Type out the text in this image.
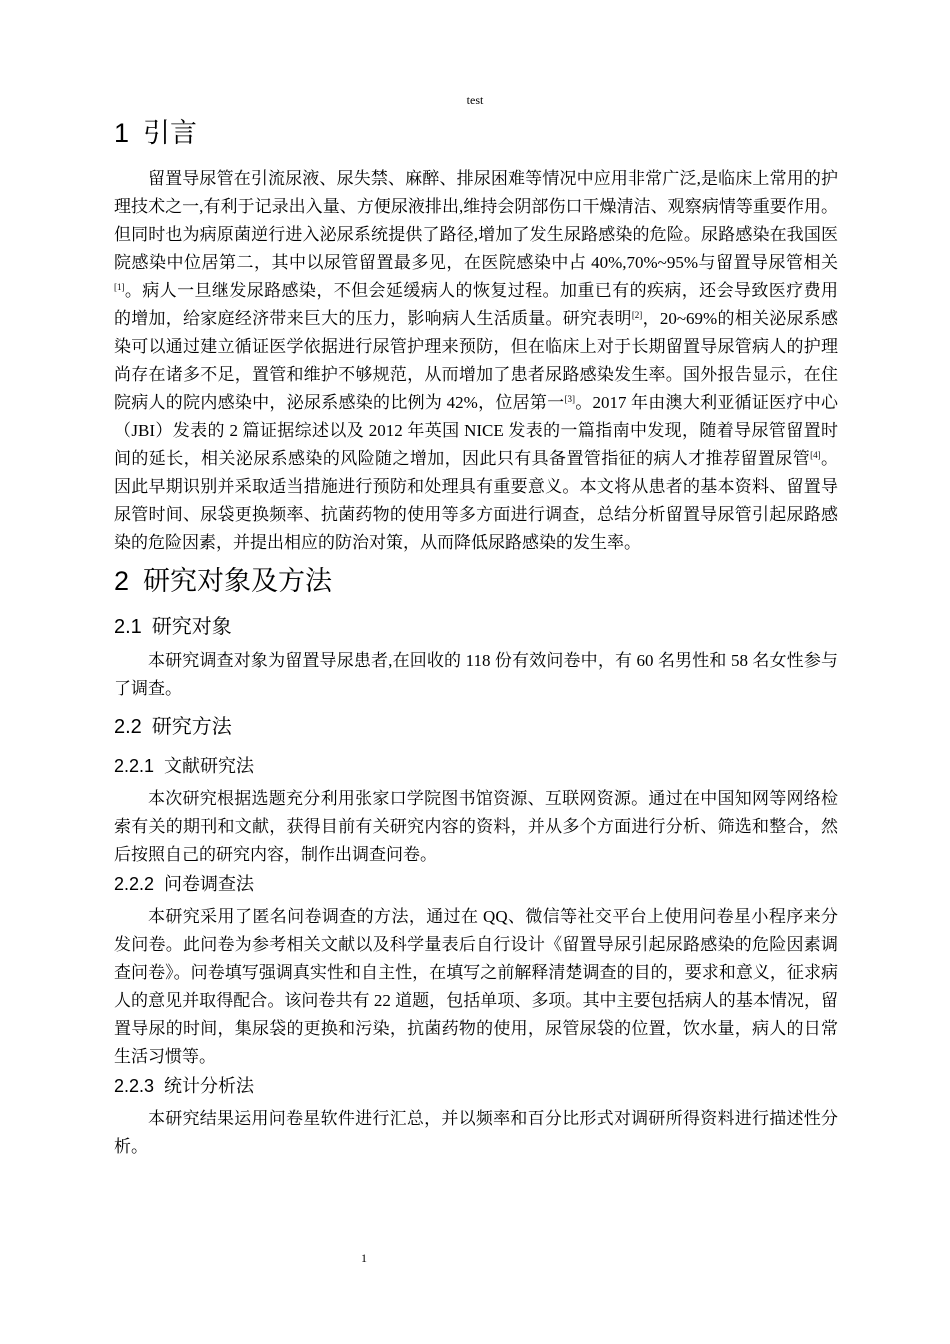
test
1 引言

留置导尿管在引流尿液、尿失禁、麻醉、排尿困难等情况中应用非常广泛,是临床上常用的护理技术之一,有利于记录出入量、方便尿液排出,维持会阴部伤口干燥清洁、观察病情等重要作用。但同时也为病原菌逆行进入泌尿系统提供了路径,增加了发生尿路感染的危险。尿路感染在我国医院感染中位居第二，其中以尿管留置最多见，在医院感染中占 40%,70%~95%与留置导尿管相关[1]。病人一旦继发尿路感染，不但会延缓病人的恢复过程。加重已有的疾病，还会导致医疗费用的增加，给家庭经济带来巨大的压力，影响病人生活质量。研究表明[2]，20~69%的相关泌尿系感染可以通过建立循证医学依据进行尿管护理来预防，但在临床上对于长期留置导尿管病人的护理尚存在诸多不足，置管和维护不够规范，从而增加了患者尿路感染发生率。国外报告显示，在住院病人的院内感染中，泌尿系感染的比例为 42%，位居第一[3]。2017 年由澳大利亚循证医疗中心（JBI）发表的 2 篇证据综述以及 2012 年英国 NICE 发表的一篇指南中发现，随着导尿管留置时间的延长，相关泌尿系感染的风险随之增加，因此只有具备置管指征的病人才推荐留置尿管[4]。因此早期识别并采取适当措施进行预防和处理具有重要意义。本文将从患者的基本资料、留置导尿管时间、尿袋更换频率、抗菌药物的使用等多方面进行调查，总结分析留置导尿管引起尿路感染的危险因素，并提出相应的防治对策，从而降低尿路感染的发生率。

2 研究对象及方法
2.1 研究对象

本研究调查对象为留置导尿患者,在回收的 118 份有效问卷中，有 60 名男性和 58 名女性参与了调查。

2.2 研究方法
2.2.1 文献研究法

本次研究根据选题充分利用张家口学院图书馆资源、互联网资源。通过在中国知网等网络检索有关的期刊和文献，获得目前有关研究内容的资料，并从多个方面进行分析、筛选和整合，然后按照自己的研究内容，制作出调查问卷。

2.2.2 问卷调查法

本研究采用了匿名问卷调查的方法，通过在 QQ、微信等社交平台上使用问卷星小程序来分发问卷。此问卷为参考相关文献以及科学量表后自行设计《留置导尿引起尿路感染的危险因素调查问卷》。问卷填写强调真实性和自主性，在填写之前解释清楚调查的目的，要求和意义，征求病人的意见并取得配合。该问卷共有 22 道题，包括单项、多项。其中主要包括病人的基本情况，留置导尿的时间，集尿袋的更换和污染，抗菌药物的使用，尿管尿袋的位置，饮水量，病人的日常生活习惯等。

2.2.3 统计分析法

本研究结果运用问卷星软件进行汇总，并以频率和百分比形式对调研所得资料进行描述性分析。

1
